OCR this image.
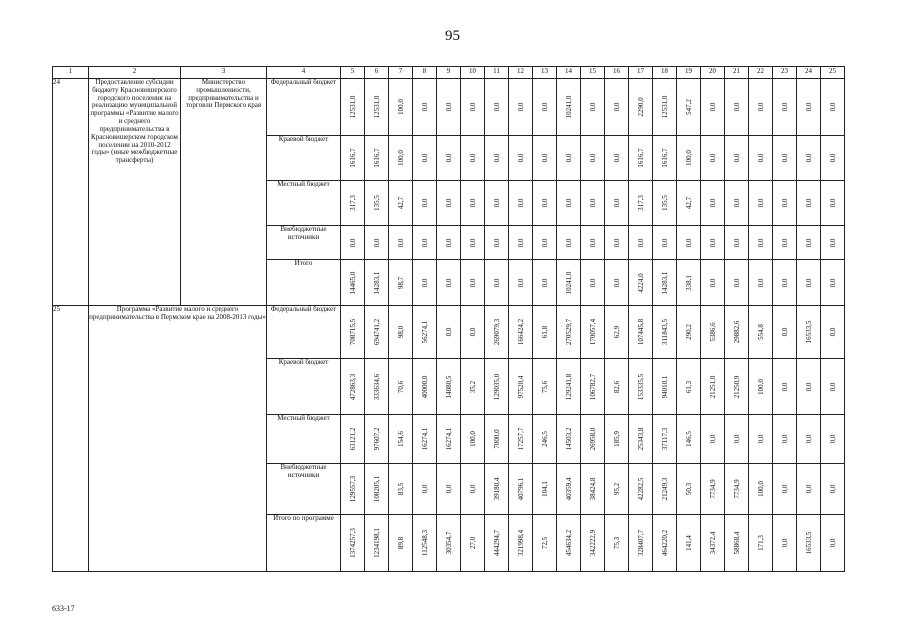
95
1	2	3	4	5	6	7	8	9	10	11	12	13	14	15	16	17	18	19	20	21	22	23	24	25
24	Предоставление субсидии бюджету Красновишерского городского поселения на реализацию муниципальной программы «Развитие малого и среднего предпринимательства в Красновишерском городском поселении на 2010-2012 годы» (иные межбюджетные трансферты)	Министерство промышленности, предпринимательства и торговли Пермского края	Федеральный бюджет	12531,0	12531,0	100,0	0,0	0,0	0,0	0,0	0,0	0,0	10241,0	0,0	0,0	2290,0	12531,0	547,2	0,0	0,0	0,0	0,0	0,0	0,0

			Краевой бюджет	1616,7	1616,7	100,0	0,0	0,0	0,0	0,0	0,0	0,0	0,0	0,0	0,0	1616,7	1616,7	100,0	0,0	0,0	0,0	0,0	0,0	0,0

			Местный бюджет	317,3	135,5	42,7	0,0	0,0	0,0	0,0	0,0	0,0	0,0	0,0	0,0	317,3	135,5	42,7	0,0	0,0	0,0	0,0	0,0	0,0

			Внебюджетные источники	0,0	0,0	0,0	0,0	0,0	0,0	0,0	0,0	0,0	0,0	0,0	0,0	0,0	0,0	0,0	0,0	0,0	0,0	0,0	0,0	0,0

			Итого	14465,0	14283,1	98,7	0,0	0,0	0,0	0,0	0,0	0,0	10241,0	0,0	0,0	4224,0	14283,1	338,1	0,0	0,0	0,0	0,0	0,0	0,0

25	Программа «Развитие малого и среднего предпринимательства в Пермском крае на 2008-2013 годы»		Федеральный бюджет	708715,5	694741,2	98,0	56274,1	0,0	0,0	269079,3	166424,2	61,8	270529,7	170057,4	62,9	107445,8	311843,5	290,2	5386,6	29882,6	554,8	0,0	16533,5	0,0

			Краевой бюджет	472863,3	333634,6	70,6	40000,0	14080,5	35,2	129035,0	97520,4	75,6	129241,8	106782,7	82,6	153335,5	94010,1	61,3	21251,0	21250,9	100,0	0,0	0,0	0,0

			Местный бюджет	63121,2	97607,2	154,6	16274,1	16274,1	100,0	7000,0	17257,7	246,5	14503,2	26958,0	185,9	25343,8	37117,3	146,5	0,0	0,0	0,0	0,0	0,0	0,0

			Внебюджетные источники	129557,3	108205,1	83,5	0,0	0,0	0,0	39180,4	40796,1	104,1	40359,4	38424,8	95,2	42282,5	21249,3	50,3	7734,9	7734,9	100,0	0,0	0,0	0,0

			Итого по программе	1374257,3	1234198,1	89,8	112548,3	30354,7	27,0	444294,7	321998,4	72,5	454634,2	342222,9	75,3	328407,7	464220,2	141,4	34372,4	58868,4	171,3	0,0	16533,5	0,0
633-17
